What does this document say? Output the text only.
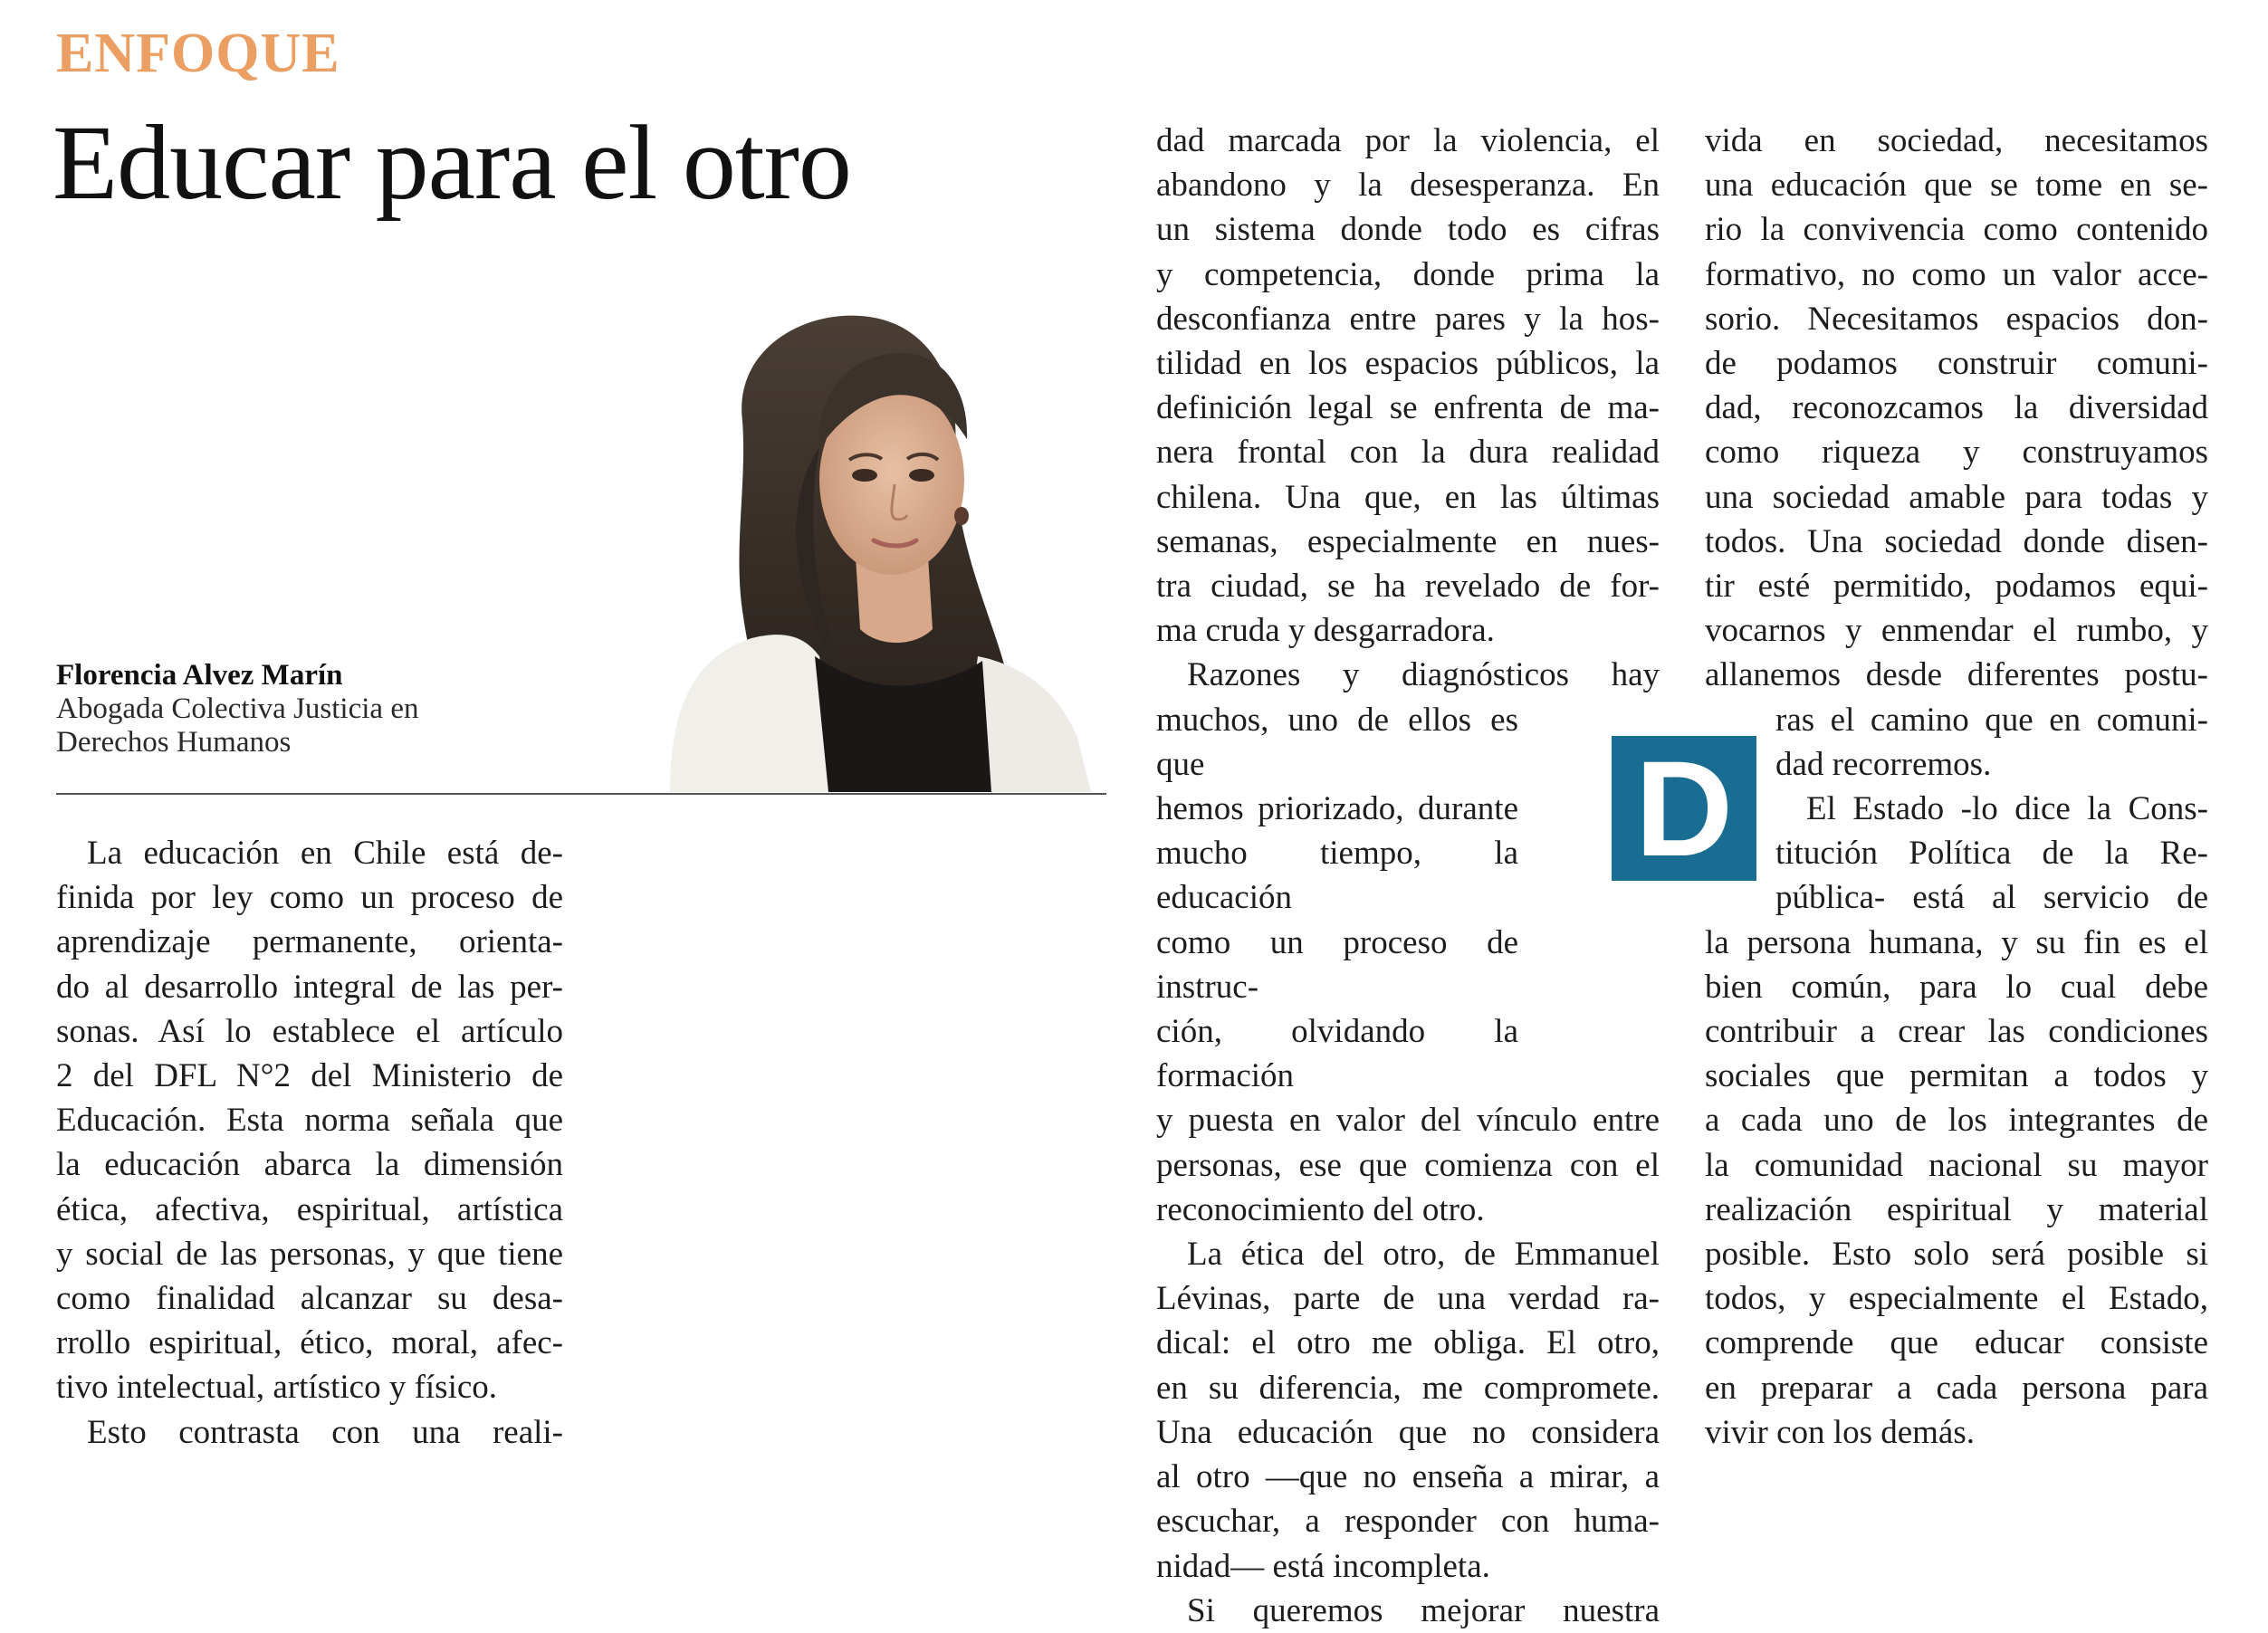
ENFOQUE
Educar para el otro
Florencia Alvez Marín
Abogada Colectiva Justicia en
Derechos Humanos
La educación en Chile está de-
finida por ley como un proceso de
aprendizaje permanente, orienta-
do al desarrollo integral de las per-
sonas. Así lo establece el artículo
2 del DFL N°2 del Ministerio de
Educación. Esta norma señala que
la educación abarca la dimensión
ética, afectiva, espiritual, artística
y social de las personas, y que tiene
como finalidad alcanzar su desa-
rrollo espiritual, ético, moral, afec-
tivo intelectual, artístico y físico.
Esto contrasta con una reali-
dad marcada por la violencia, el
abandono y la desesperanza. En
un sistema donde todo es cifras
y competencia, donde prima la
desconfianza entre pares y la hos-
tilidad en los espacios públicos, la
definición legal se enfrenta de ma-
nera frontal con la dura realidad
chilena. Una que, en las últimas
semanas, especialmente en nues-
tra ciudad, se ha revelado de for-
ma cruda y desgarradora.
Razones y diagnósticos hay
muchos, uno de ellos es que
hemos priorizado, durante
mucho tiempo, la educación
como un proceso de instruc-
ción, olvidando la formación
y puesta en valor del vínculo entre
personas, ese que comienza con el
reconocimiento del otro.
La ética del otro, de Emmanuel
Lévinas, parte de una verdad ra-
dical: el otro me obliga. El otro,
en su diferencia, me compromete.
Una educación que no considera
al otro —que no enseña a mirar, a
escuchar, a responder con huma-
nidad— está incompleta.
Si queremos mejorar nuestra
D
vida en sociedad, necesitamos
una educación que se tome en se-
rio la convivencia como contenido
formativo, no como un valor acce-
sorio. Necesitamos espacios don-
de podamos construir comuni-
dad, reconozcamos la diversidad
como riqueza y construyamos
una sociedad amable para todas y
todos. Una sociedad donde disen-
tir esté permitido, podamos equi-
vocarnos y enmendar el rumbo, y
allanemos desde diferentes postu-
ras el camino que en comuni-
dad recorremos.
El Estado -lo dice la Cons-
titución Política de la Re-
pública- está al servicio de
la persona humana, y su fin es el
bien común, para lo cual debe
contribuir a crear las condiciones
sociales que permitan a todos y
a cada uno de los integrantes de
la comunidad nacional su mayor
realización espiritual y material
posible. Esto solo será posible si
todos, y especialmente el Estado,
comprende que educar consiste
en preparar a cada persona para
vivir con los demás.
